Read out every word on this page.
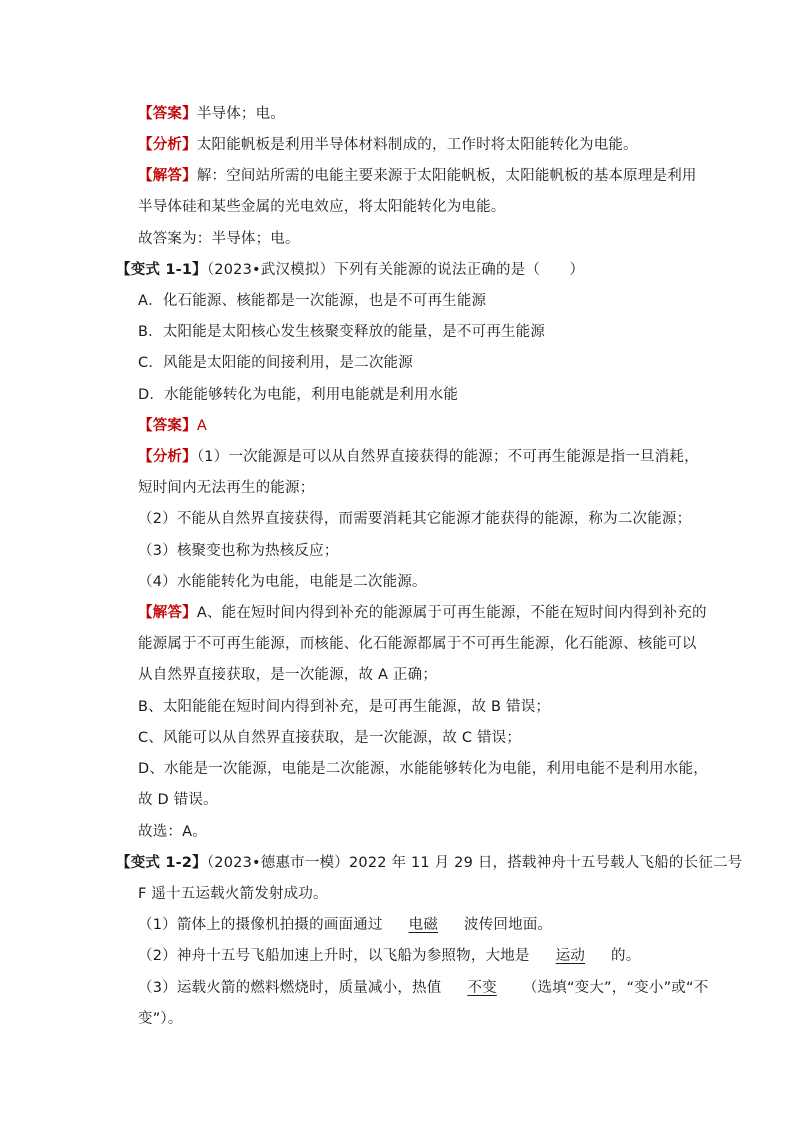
【答案】半导体；电。
【分析】太阳能帆板是利用半导体材料制成的，工作时将太阳能转化为电能。
【解答】解：空间站所需的电能主要来源于太阳能帆板，太阳能帆板的基本原理是利用
半导体硅和某些金属的光电效应，将太阳能转化为电能。
故答案为：半导体；电。
【变式 1-1】（2023•武汉模拟）下列有关能源的说法正确的是（　　）
A．化石能源、核能都是一次能源，也是不可再生能源
B．太阳能是太阳核心发生核聚变释放的能量，是不可再生能源
C．风能是太阳能的间接利用，是二次能源
D．水能能够转化为电能，利用电能就是利用水能
【答案】A
【分析】（1）一次能源是可以从自然界直接获得的能源；不可再生能源是指一旦消耗，
短时间内无法再生的能源；
（2）不能从自然界直接获得，而需要消耗其它能源才能获得的能源，称为二次能源；
（3）核聚变也称为热核反应；
（4）水能能转化为电能，电能是二次能源。
【解答】A、能在短时间内得到补充的能源属于可再生能源，不能在短时间内得到补充的
能源属于不可再生能源，而核能、化石能源都属于不可再生能源，化石能源、核能可以
从自然界直接获取，是一次能源，故 A 正确；
B、太阳能能在短时间内得到补充，是可再生能源，故 B 错误；
C、风能可以从自然界直接获取，是一次能源，故 C 错误；
D、水能是一次能源，电能是二次能源，水能能够转化为电能，利用电能不是利用水能，
故 D 错误。
故选：A。
【变式 1-2】（2023•德惠市一模）2022 年 11 月 29 日，搭载神舟十五号载人飞船的长征二号
F 遥十五运载火箭发射成功。
（1）箭体上的摄像机拍摄的画面通过 电磁 波传回地面。
（2）神舟十五号飞船加速上升时，以飞船为参照物，大地是 运动 的。
（3）运载火箭的燃料燃烧时，质量减小，热值 不变 （选填“变大”，“变小”或“不
变”）。
